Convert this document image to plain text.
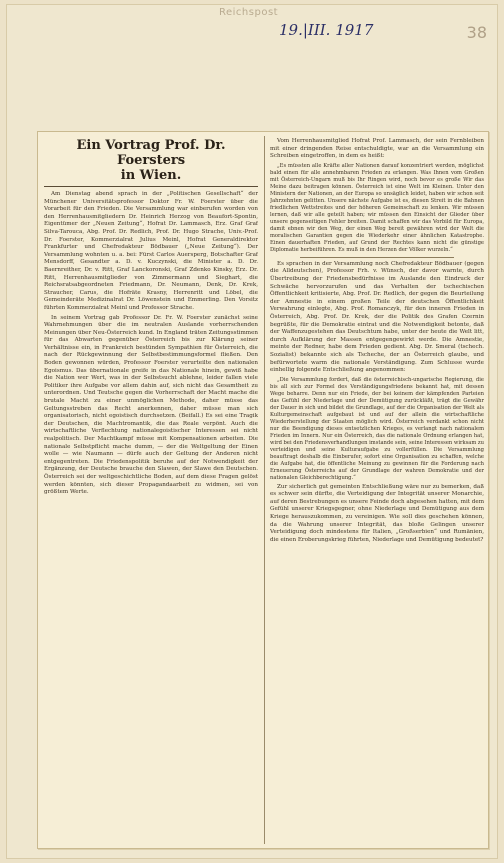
Reichspost
19.|III. 1917	38
Ein Vortrag Prof. Dr. Foersters
in Wien.

Am Dienstag abend sprach in der „Politischen Gesellschaft“ der Münchener Universitätsprofessor Doktor Fr. W. Foerster über die Vorarbeit für den Frieden. Die Versammlung war einberufen worden von den Herrenhausmitgliedern Dr. Heinrich Herzog von Beaufort-Spontin, Eigentümer der „Neuen Zeitung“, Hofrat Dr. Lammasch, Erz. Graf Graf Silva-Tarouca, Abg. Prof. Dr. Redlich, Prof. Dr. Hugo Strache, Univ.-Prof. Dr. Foerster, Kommerzialrat Julius Meinl, Hofrat Generaldirektor Frankfurter und Chefredakteur Bödbauer („Neue Zeitung“). Der Versammlung wohnten u. a. bei: Fürst Carlos Auersperg, Botschafter Graf Mensdorff, Gesandter a. D. v. Kuczynski, die Minister a. D. Dr. Baernreither, Dr. v. Ritt, Graf Lanckoronski, Graf Zdenko Kinsky, Erz. Dr. Ritt, Herrenhausmitglieder von Zimmermann und Sieghart, die Reichsratsabgeordneten Friedmann, Dr. Neumann, Denk, Dr. Krek, Straucher, Carus, die Hofräte Krasny, Herrenritt und Löbel, die Gemeinderäte Medizinalrat Dr. Löwenstein und Emmerling. Den Vorsitz führten Kommerzialrat Meinl und Professor Strache.

In seinem Vortrag gab Professor Dr. Fr. W. Foerster zunächst seine Wahrnehmungen über die im neutralen Auslande vorherrschenden Meinungen über Neu-Österreich kund. In England träten Zeitungsstimmen für das Abwarten gegenüber Österreich bis zur Klärung seiner Verhältnisse ein, in Frankreich bestünden Sympathien für Österreich, die nach der Rückgewinnung der Selbstbestimmungsformel fließen. Den Boden gewonnen würden, Professor Foerster verurteilte den nationalen Egoismus. Das übernationale greife in das Nationale hinein, gewiß habe die Nation wer Wert, was in der Selbstsucht ablehne, leider fallen viele Politiker ihre Aufgabe vor allem dahin auf, sich nicht das Gesamtheit zu unterordnen. Und Teutsche gegen die Vorherrschaft der Macht mache die brutale Macht zu einer unmöglichen Methode, daher müsse das Geltungsstreben das Recht anerkennen, daher müsse man sich organisatorisch, nicht egoistisch durchsetzen. (Beifall.) Es sei eine Tragik der Deutschen, die Machtromantik, die das Reale verpönt. Auch die wirtschaftliche Verflechtung nationalegoistischer Interessen sei nicht realpolitisch. Der Machtkampf müsse mit Kompensationen arbeiten. Die nationale Selbstpflicht mache dumm, — der die Weltgeltung der Einen wolle — wie Naumann — dürfe auch der Geltung der Anderen nicht entgegentreten. Die Friedenspolitik beruhe auf der Notwendigkeit der Ergänzung, der Deutsche brauche den Slawen, der Slawe den Deutschen. Österreich sei der weltgeschichtliche Boden, auf dem diese Fragen gelöst werden könnten, sich dieser Propagandaarbeit zu widmen, sei von größtem Werte.

Vom Herrenhausmitglied Hofrat Prof. Lammasch, der sein Fernbleiben mit einer dringenden Reise entschuldigte, war an die Versammlung ein Schreiben eingetroffen, in dem es heißt:

„Es müssten alle Kräfte aller Nationen darauf konzentriert werden, möglichst bald einen für alle annehmbaren Frieden zu erlangen. Was Ihnen vom Großen mit Österreich-Ungarn muß bis Ihr Ringen wird, noch bevor es große Wir das Meine dazu beitragen können. Österreich ist eine Welt im Kleinen. Unter den Ministern der Nationen, an der Europa so unsäglich leidet, haben wir schon seit Jahrzehnten gelitten. Unsere nächste Aufgabe ist es, diesen Streit in die Bahnen friedlichen Wettstreites und der höheren Gemeinschaft zu lenken. Wir müssen lernen, daß wir alle geteilt haben; wir müssen den Einsicht der Glieder über unsere gegenseitigen Fehler breiten. Damit schaffen wir das Vorbild für Europa, damit ebnen wir den Weg, der einen Weg bereit gewähren wird der Welt die moralischen Garantien gegen die Wiederkehr einer ähnlichen Katastrophe. Einen dauerhaften Frieden, auf Grund der Rechtes kann nicht die günstige Diplomatie herbeiführen. Es muß in den Herzen der Völker wurzeln.“

Es sprachen in der Versammlung noch Chefredakteur Bödbauer (gegen die Alldeutschen), Professor Frh. v. Wünsch, der davor warnte, durch Übertreibung der Friedensbedürfnisse im Auslande den Eindruck der Schwäche hervorzurufen und das Verhalten der tschechischen Öffentlichkeit kritisierte, Abg. Prof. Dr. Redlich, der gegen die Beurteilung der Amnestie in einem großen Teile der deutschen Öffentlichkeit Verwahrung einlegte, Abg. Prof. Romanczyk, für den inneren Frieden in Österreich, Abg. Prof. Dr. Krek, der die Politik des Grafen Czernin begrüßte, für die Demokratie eintrat und die Notwendigkeit betonte, daß der Waffenzugestehen das Deutschtum habe, unter der heute die Welt litt, durch Aufklärung der Massen entgegengewirkt werde. Die Amnestie, meinte der Redner, habe dem Frieden gedient. Abg. Dr. Smeral (tschech. Sozialist) bekannte sich als Tscheche, der an Österreich glaube, und befürwortete warm die nationale Verständigung. Zum Schlusse wurde einhellig folgende Entschließung angenommen:

„Die Versammlung fordert, daß die österreichisch-ungarische Regierung, die bis all sich zur Formel des Verständigungsfriedens bekannt hat, mit dessen Wege beharre. Denn nur ein Friede, der bei keinem der kämpfenden Parteien das Gefühl der Niederlage und der Demütigung zurückläßt, trägt die Gewähr der Dauer in sich und bildet die Grundlage, auf der die Organisation der Welt als Kulturgemeinschaft aufgebaut ist und auf der allein die wirtschaftliche Wiederherstellung der Staaten möglich wird. Österreich verdankt schon nicht nur die Beendigung dieses entsetzlichen Krieges, es verlangt nach nationalem Frieden im Innern. Nur ein Österreich, das die nationale Ordnung erlangen hat, wird bei den Friedensverhandlungen imstande sein, seine Interessen wirksam zu verteidigen und seine Kulturaufgabe zu vollerfüllen. Die Versammlung beauftragt deshalb die Einberufer, sofort eine Organisation zu schaffen, welche die Aufgabe hat, die öffentliche Meinung zu gewinnen für die Forderung nach Erneuerung Österreichs auf der Grundlage der wahren Demokratie und der nationalen Gleichberechtigung.“

Zur sicherlich gut gemeinten Entschließung wäre nur zu bemerken, daß es schwer sein dürfte, die Verteidigung der Integrität unserer Monarchie, auf deren Bestrebungen es unsere Feinde doch abgesehen hatten, mit dem Gefühl unserer Kriegsgegner, ohne Niederlage und Demütigung aus dem Kriege herauszukommen, zu vereinigen. Wie soll dies geschehen können, da die Wahrung unserer Integrität, das bloße Gelingen unserer Verteidigung doch mindestens für Italien, „Großserbien“ und Rumänien, die einen Eroberungskrieg führten, Niederlage und Demütigung bedeutet?
